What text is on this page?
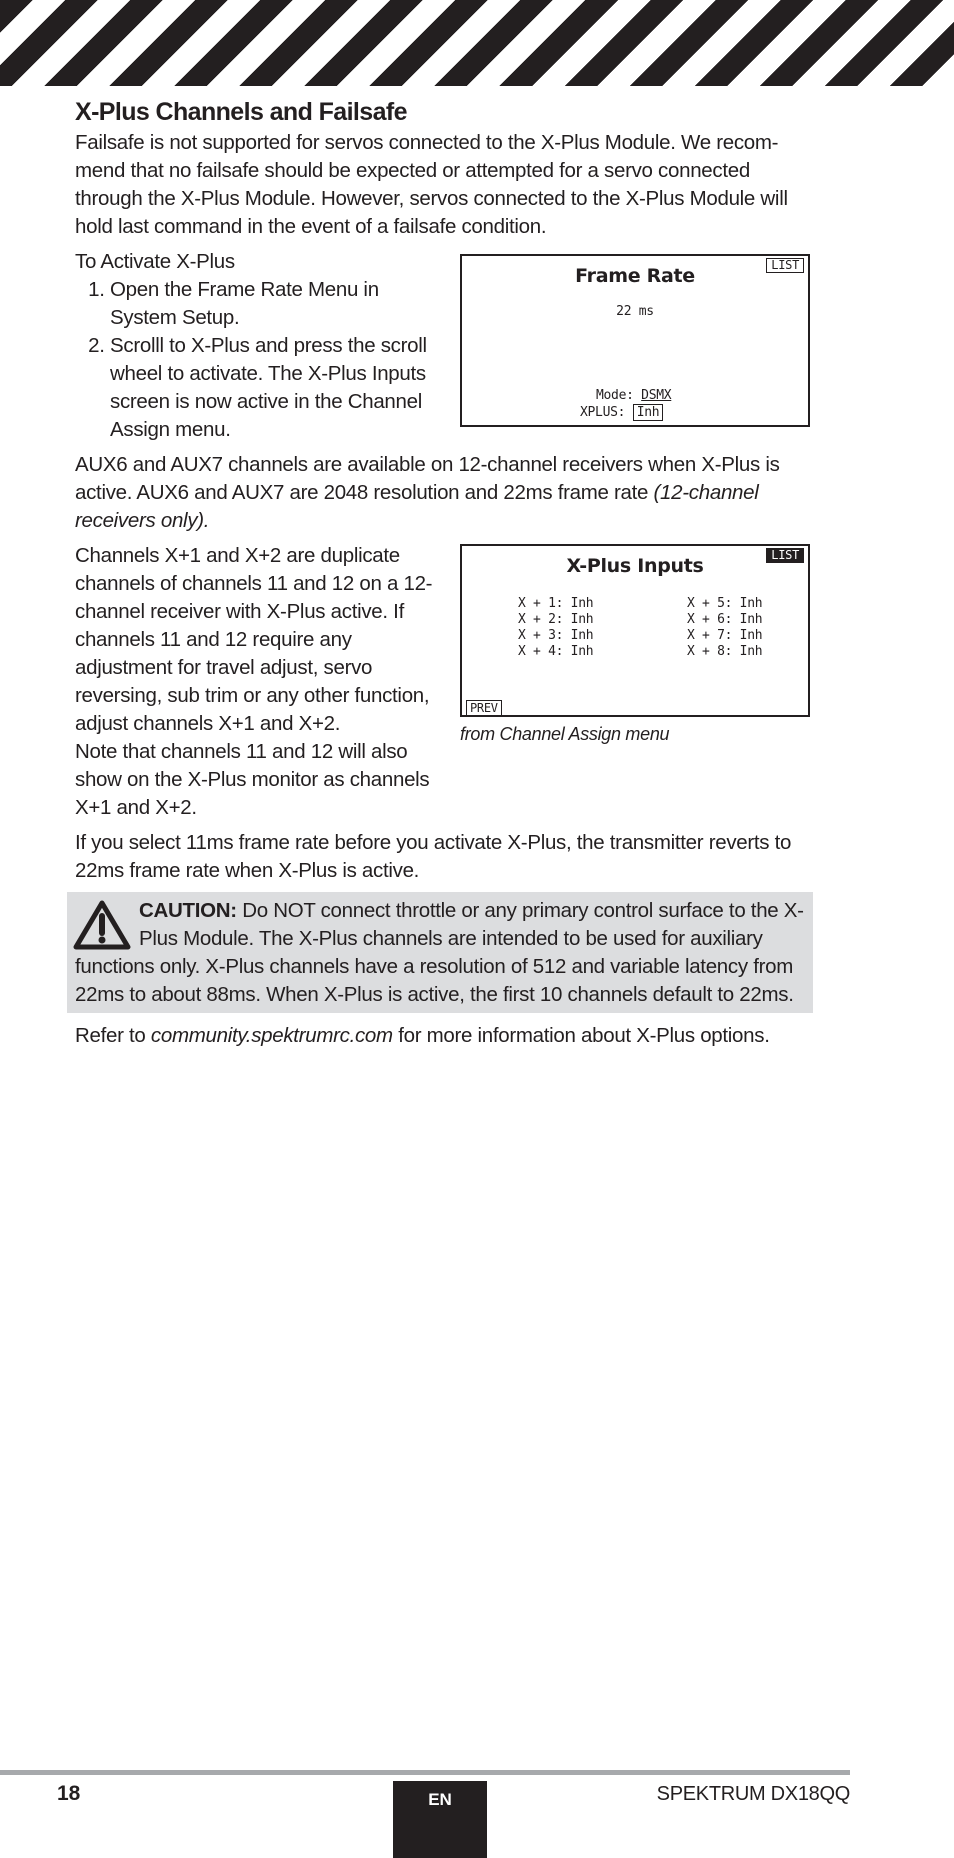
X-Plus Channels and Failsafe

Failsafe is not supported for servos connected to the X-Plus Module. We recom-mend that no failsafe should be expected or attempted for a servo connected through the X-Plus Module. However, servos connected to the X-Plus Module will hold last command in the event of a failsafe condition.

To Activate X-Plus

1. Open the Frame Rate Menu in System Setup.
2. Scrolll to X-Plus and press the scroll wheel to activate. The X-Plus Inputs screen is now active in the Channel Assign menu.
Frame Rate	LIST
22 ms
Mode: DSMX
XPLUS: Inh

AUX6 and AUX7 channels are available on 12-channel receivers when X-Plus is active. AUX6 and AUX7 are 2048 resolution and 22ms frame rate (12-channel receivers only).

Channels X+1 and X+2 are duplicate channels of channels 11 and 12 on a 12-channel receiver with X-Plus active. If channels 11 and 12 require any adjustment for travel adjust, servo reversing, sub trim or any other function, adjust channels X+1 and X+2.

Note that channels 11 and 12 will also show on the X-Plus monitor as channels X+1 and X+2.

X-Plus Inputs	LIST
X + 1: Inh
X + 2: Inh
X + 3: Inh
X + 4: Inh
X + 5: Inh
X + 6: Inh
X + 7: Inh
X + 8: Inh
PREV
from Channel Assign menu

If you select 11ms frame rate before you activate X-Plus, the transmitter reverts to 22ms frame rate when X-Plus is active.

CAUTION: Do NOT connect throttle or any primary control surface to the X-Plus Module. The X-Plus channels are intended to be used for auxiliary functions only. X-Plus channels have a resolution of 512 and variable latency from 22ms to about 88ms. When X-Plus is active, the first 10 channels default to 22ms.

Refer to community.spektrumrc.com for more information about X-Plus options.

18	EN	SPEKTRUM DX18QQ
